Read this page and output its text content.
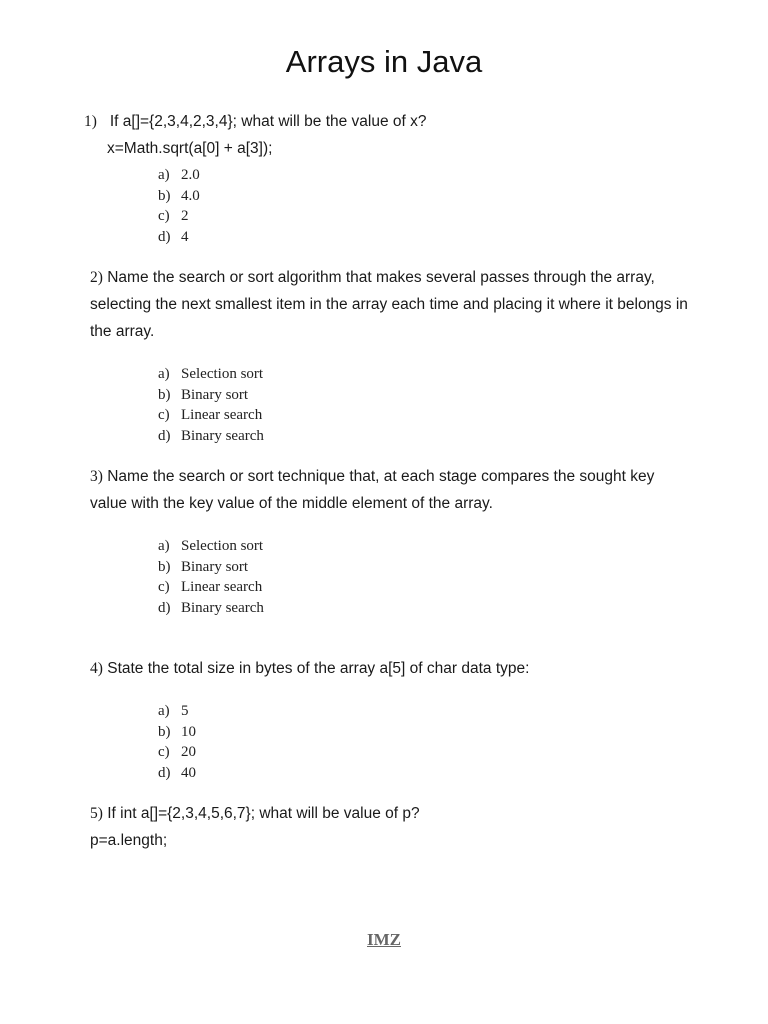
Arrays in Java
1) If a[]={2,3,4,2,3,4}; what will be the value of x?
x=Math.sqrt(a[0] + a[3]);
a) 2.0
b) 4.0
c) 2
d) 4
2) Name the search or sort algorithm that makes several passes through the array,
selecting the next smallest item in the array each time and placing it where it belongs in
the array.
a) Selection sort
b) Binary sort
c) Linear search
d) Binary search
3) Name the search or sort technique that, at each stage compares the sought key
value with the key value of the middle element of the array.
a) Selection sort
b) Binary sort
c) Linear search
d) Binary search
4) State the total size in bytes of the array a[5] of char data type:
a) 5
b) 10
c) 20
d) 40
5) If int a[]={2,3,4,5,6,7}; what will be value of p?
p=a.length;
IMZ
